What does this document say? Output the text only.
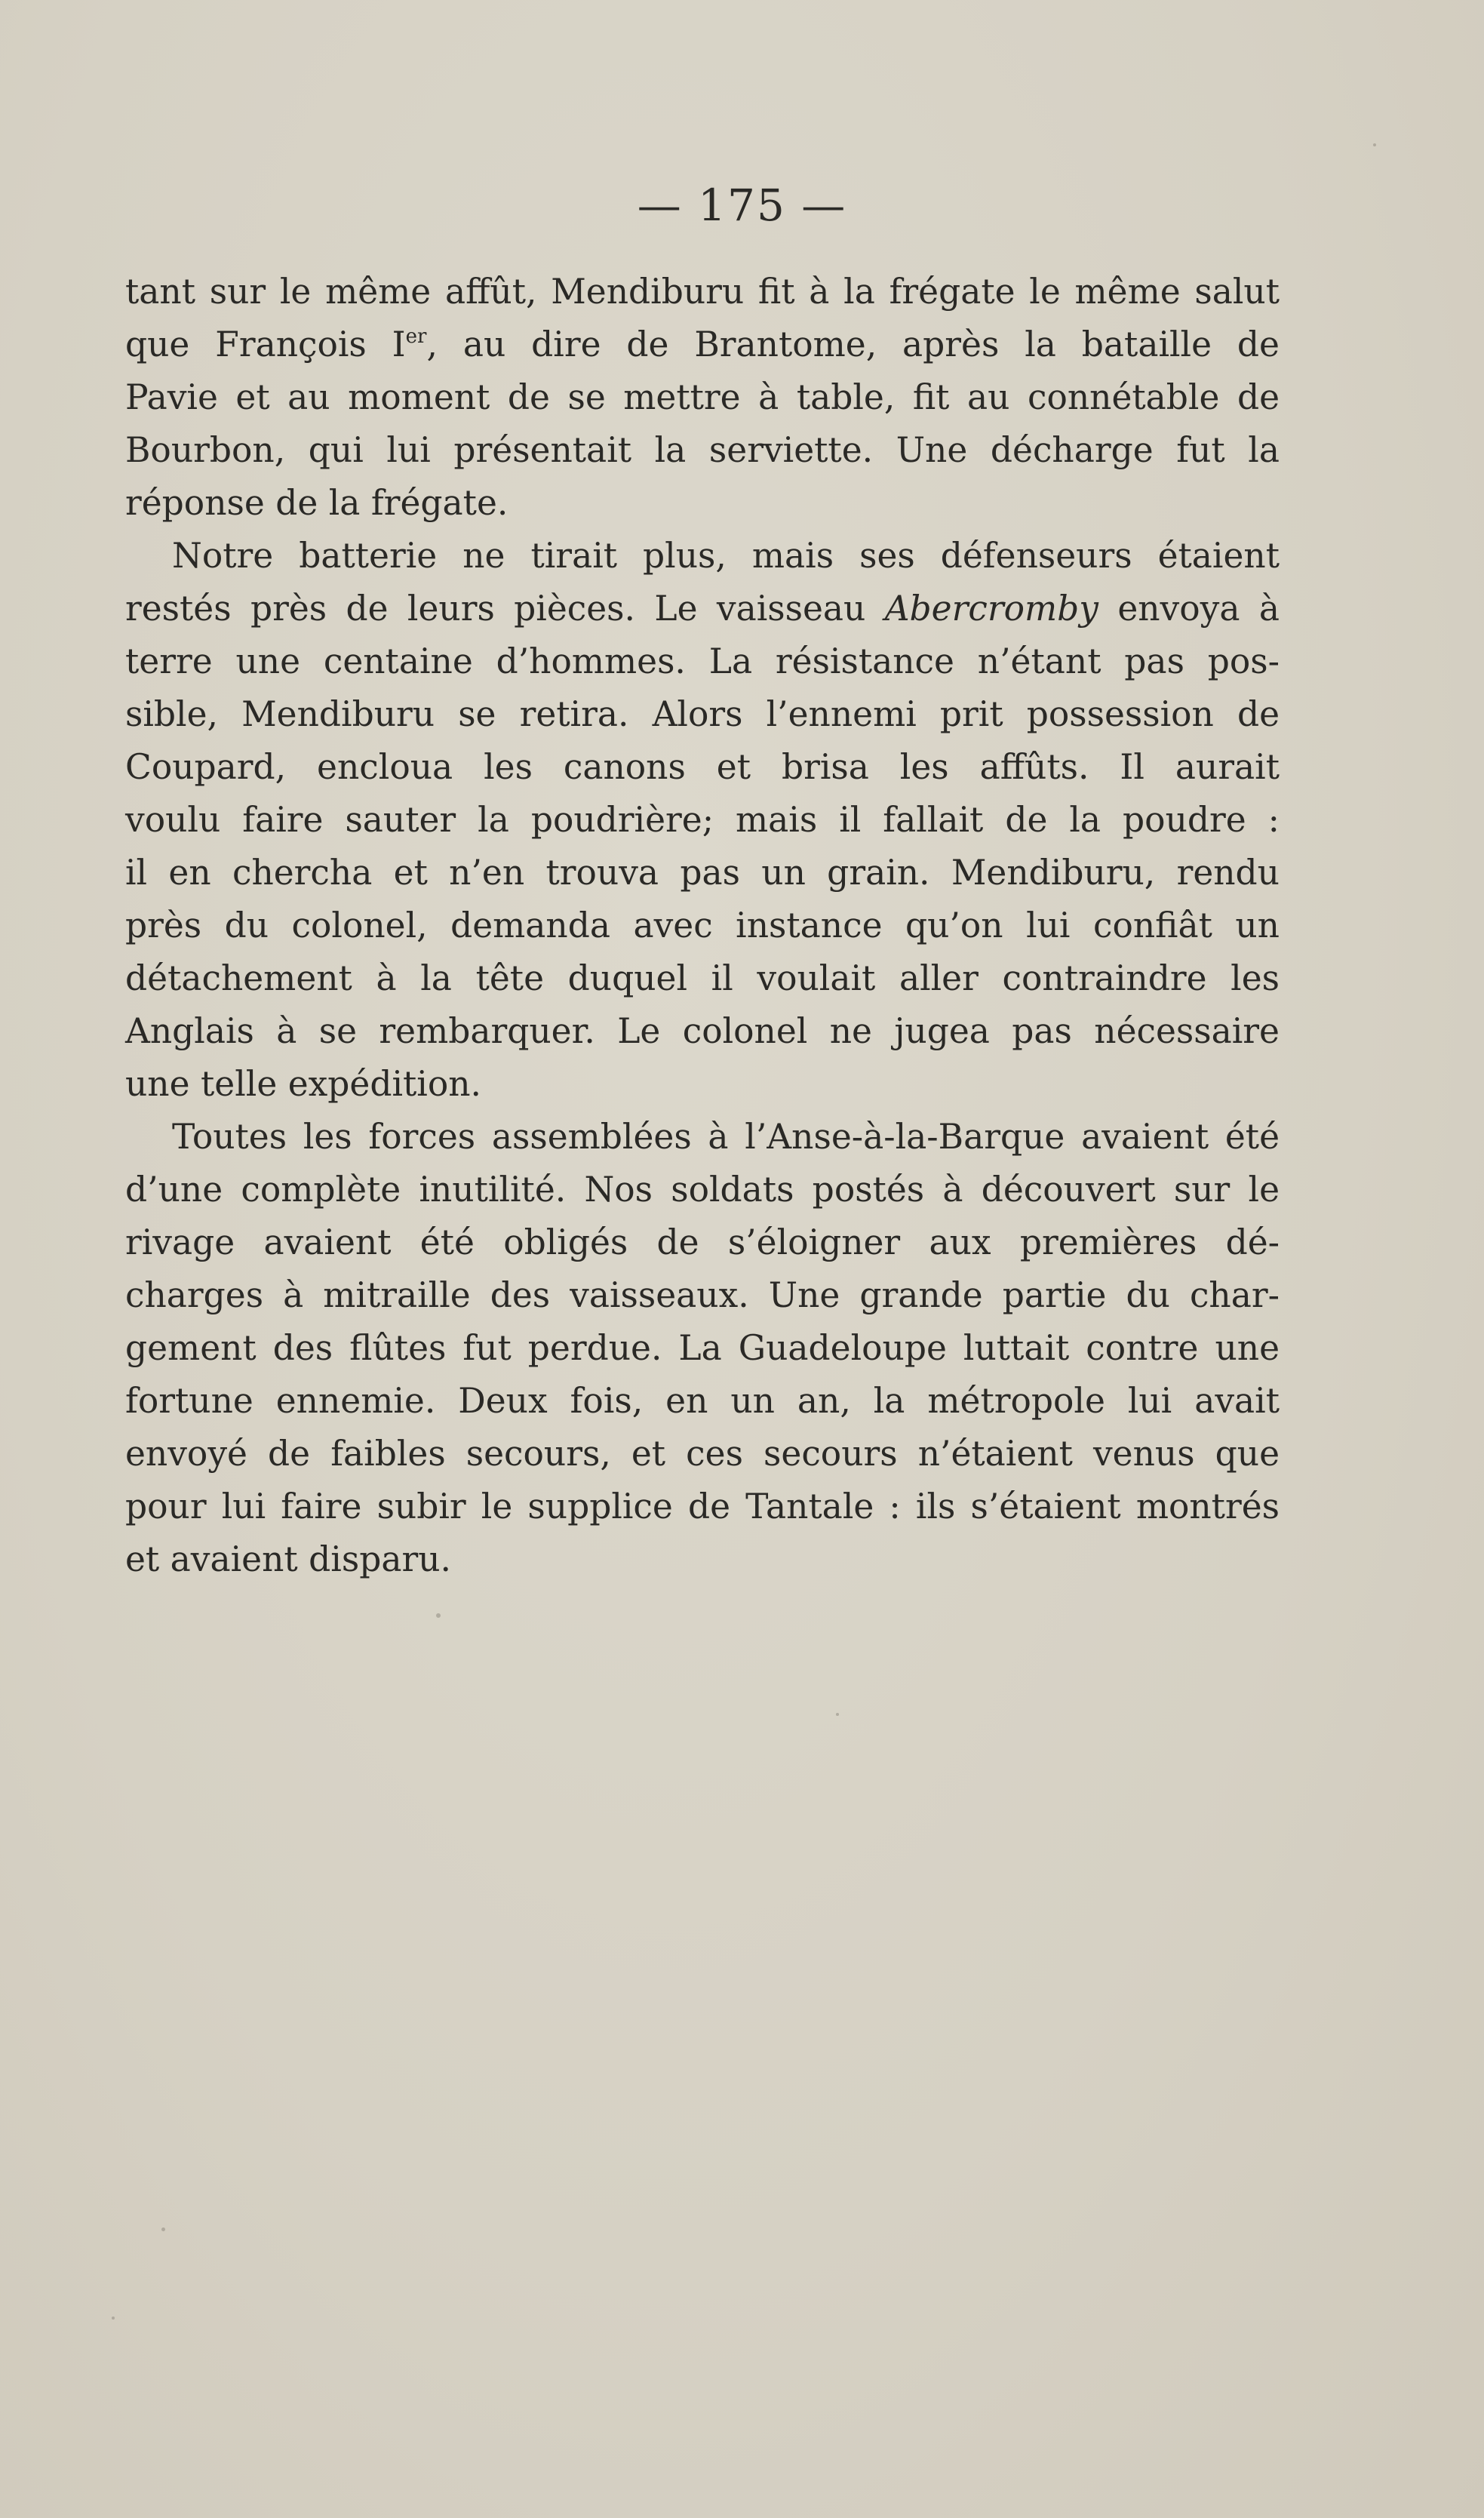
— 175 —
tant sur le même affût, Mendiburu fit à la frégate le même salut
que François Ier, au dire de Brantome, après la bataille de
Pavie et au moment de se mettre à table, fit au connétable de
Bourbon, qui lui présentait la serviette. Une décharge fut la
réponse de la frégate.
Notre batterie ne tirait plus, mais ses défenseurs étaient
restés près de leurs pièces. Le vaisseau Abercromby envoya à
terre une centaine d’hommes. La résistance n’étant pas pos-
sible, Mendiburu se retira. Alors l’ennemi prit possession de
Coupard, encloua les canons et brisa les affûts. Il aurait
voulu faire sauter la poudrière; mais il fallait de la poudre :
il en chercha et n’en trouva pas un grain. Mendiburu, rendu
près du colonel, demanda avec instance qu’on lui confiât un
détachement à la tête duquel il voulait aller contraindre les
Anglais à se rembarquer. Le colonel ne jugea pas nécessaire
une telle expédition.
Toutes les forces assemblées à l’Anse-à-la-Barque avaient été
d’une complète inutilité. Nos soldats postés à découvert sur le
rivage avaient été obligés de s’éloigner aux premières dé-
charges à mitraille des vaisseaux. Une grande partie du char-
gement des flûtes fut perdue. La Guadeloupe luttait contre une
fortune ennemie. Deux fois, en un an, la métropole lui avait
envoyé de faibles secours, et ces secours n’étaient venus que
pour lui faire subir le supplice de Tantale : ils s’étaient montrés
et avaient disparu.
